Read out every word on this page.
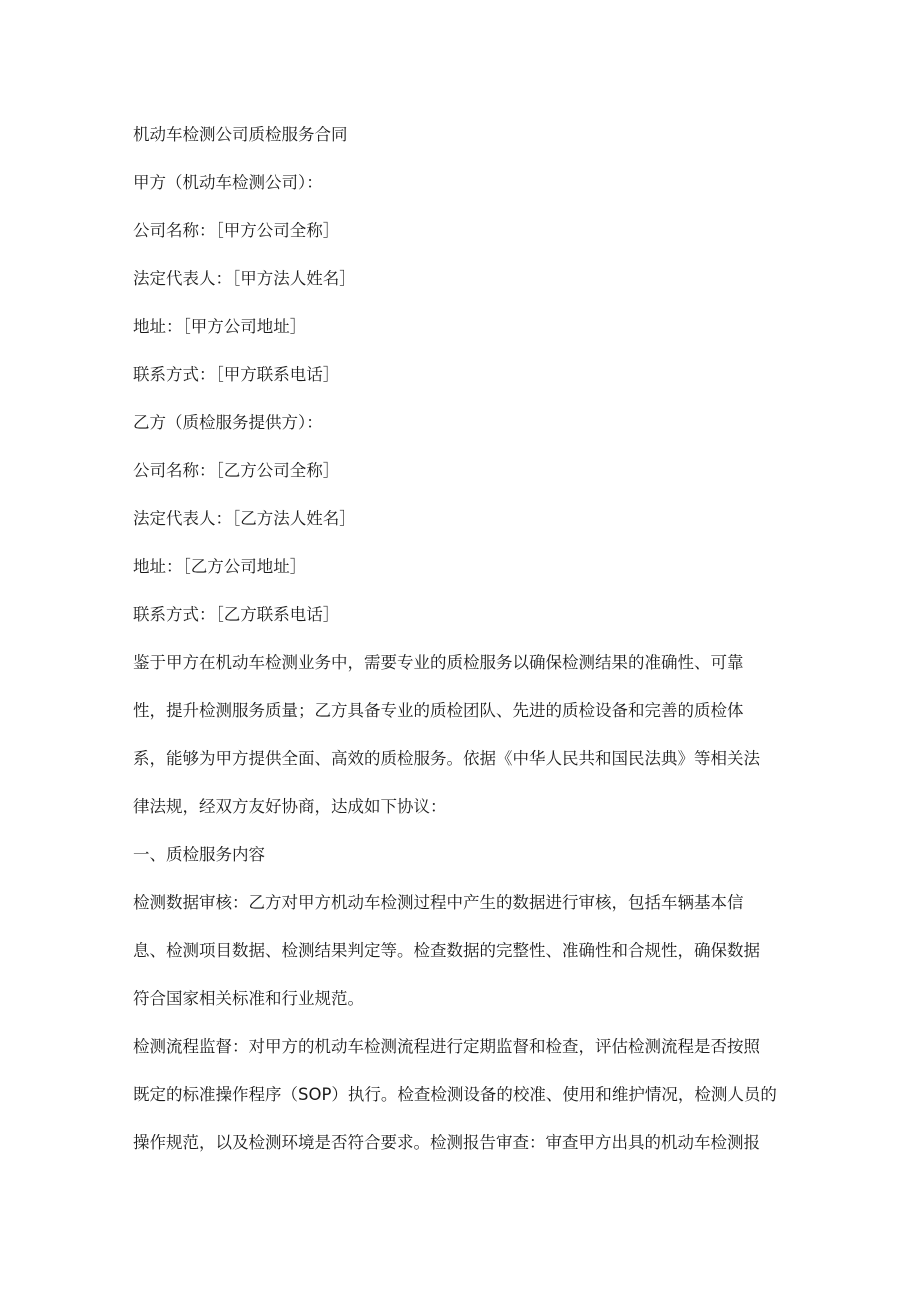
机动车检测公司质检服务合同

甲方（机动车检测公司）：

公司名称：［甲方公司全称］

法定代表人：［甲方法人姓名］

地址：［甲方公司地址］

联系方式：［甲方联系电话］

乙方（质检服务提供方）：

公司名称：［乙方公司全称］

法定代表人：［乙方法人姓名］

地址：［乙方公司地址］

联系方式：［乙方联系电话］

鉴于甲方在机动车检测业务中，需要专业的质检服务以确保检测结果的准确性、可靠

性，提升检测服务质量；乙方具备专业的质检团队、先进的质检设备和完善的质检体

系，能够为甲方提供全面、高效的质检服务。依据《中华人民共和国民法典》等相关法

律法规，经双方友好协商，达成如下协议：

一、质检服务内容

检测数据审核：乙方对甲方机动车检测过程中产生的数据进行审核，包括车辆基本信

息、检测项目数据、检测结果判定等。检查数据的完整性、准确性和合规性，确保数据

符合国家相关标准和行业规范。

检测流程监督：对甲方的机动车检测流程进行定期监督和检查，评估检测流程是否按照

既定的标准操作程序（SOP）执行。检查检测设备的校准、使用和维护情况，检测人员的

操作规范，以及检测环境是否符合要求。检测报告审查：审查甲方出具的机动车检测报
